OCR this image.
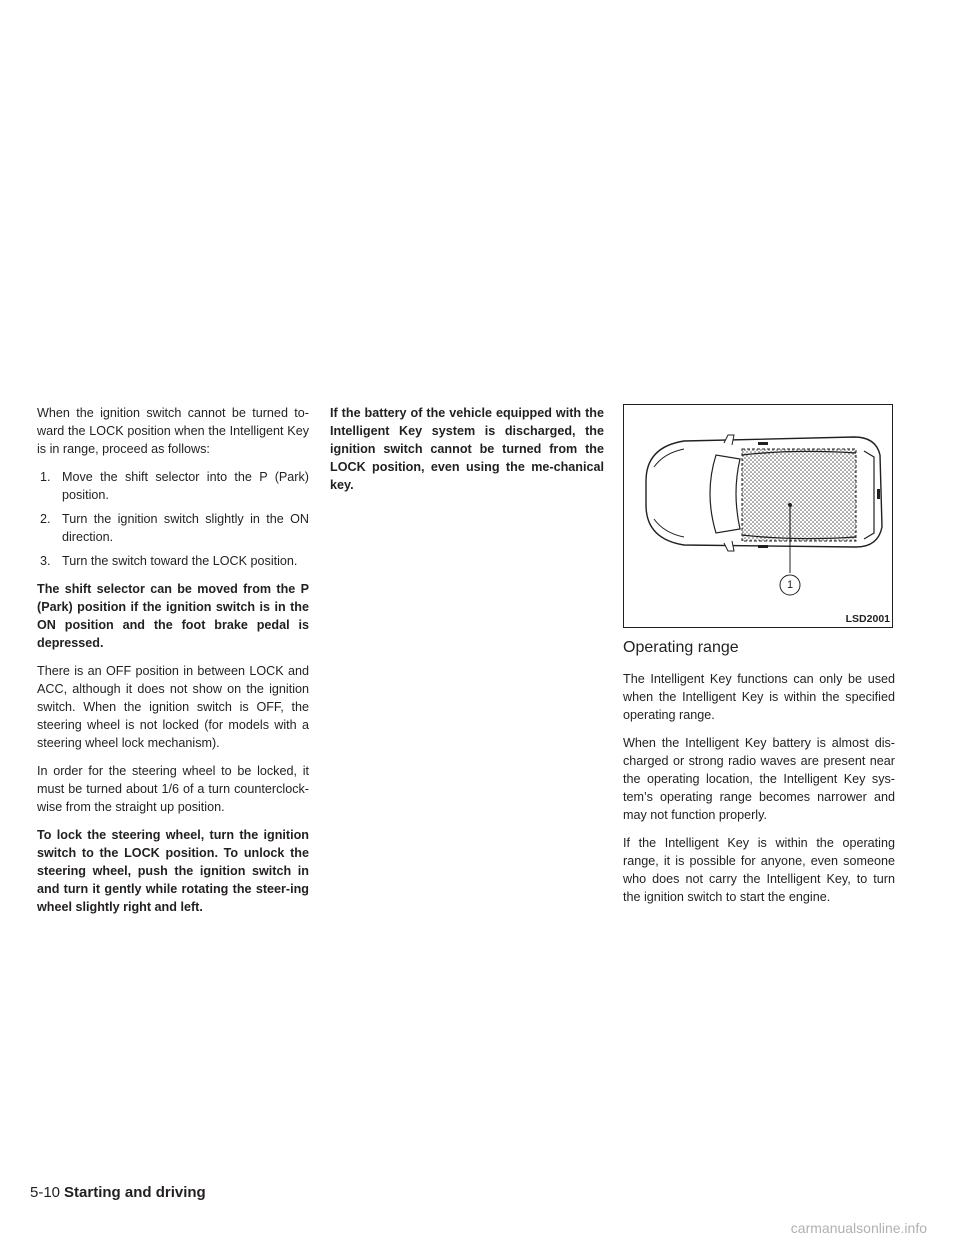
When the ignition switch cannot be turned to-ward the LOCK position when the Intelligent Key is in range, proceed as follows:

1. Move the shift selector into the P (Park) position.
2. Turn the ignition switch slightly in the ON direction.
3. Turn the switch toward the LOCK position.

The shift selector can be moved from the P (Park) position if the ignition switch is in the ON position and the foot brake pedal is depressed.

There is an OFF position in between LOCK and ACC, although it does not show on the ignition switch. When the ignition switch is OFF, the steering wheel is not locked (for models with a steering wheel lock mechanism).

In order for the steering wheel to be locked, it must be turned about 1/6 of a turn counterclock-wise from the straight up position.

To lock the steering wheel, turn the ignition switch to the LOCK position. To unlock the steering wheel, push the ignition switch in and turn it gently while rotating the steer-ing wheel slightly right and left.

If the battery of the vehicle equipped with the Intelligent Key system is discharged, the ignition switch cannot be turned from the LOCK position, even using the me-chanical key.

1
LSD2001
Operating range

The Intelligent Key functions can only be used when the Intelligent Key is within the specified operating range.

When the Intelligent Key battery is almost dis-charged or strong radio waves are present near the operating location, the Intelligent Key sys-tem’s operating range becomes narrower and may not function properly.

If the Intelligent Key is within the operating range, it is possible for anyone, even someone who does not carry the Intelligent Key, to turn the ignition switch to start the engine.

5-10 Starting and driving
carmanualsonline.info
